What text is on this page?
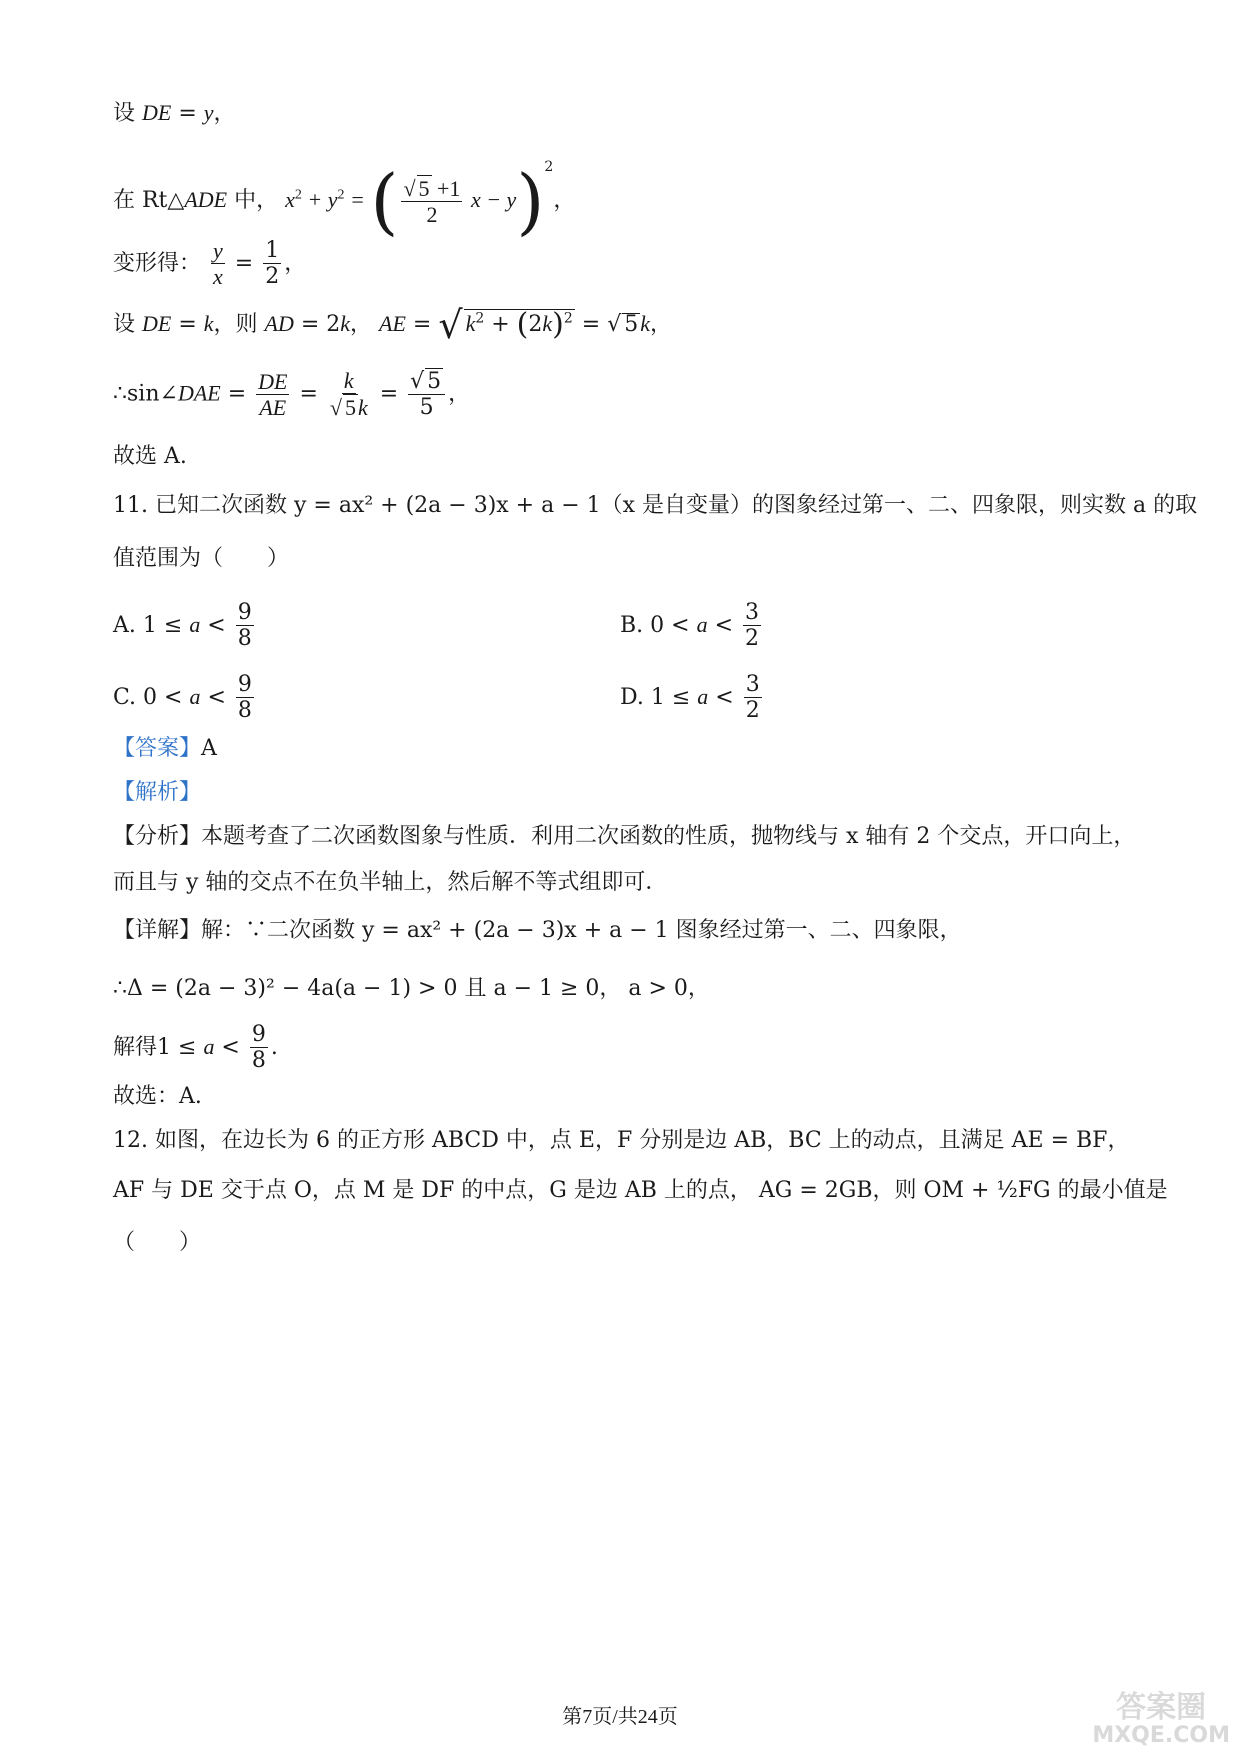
设 DE = y，
在 Rt△ADE 中， $x^2 + y^2$ = ( $\frac{√ 5 +1}{2}$ x − y)$^2$，
变形得： $\frac{y}{x} = \frac{1}{2}$ ，
设 DE = k，则 AD = 2k， AE = √ $k^2 + (2k)^2$ = √ 5k，
∴sin∠DAE = $\frac{DE}{AE} = \frac{k}{√ 5k} = \frac{√ 5}{5}$ ，
故选 A.
11. 已知二次函数 y = ax² + (2a − 3)x + a − 1（x 是自变量）的图象经过第一、二、四象限，则实数 a 的取
值范围为（　　）
A. $1 \le a < \frac{9}{8}$	B. $0 < a < \frac{3}{2}$
C. $0 < a < \frac{9}{8}$	D. $1 \le a < \frac{3}{2}$
【答案】A
【解析】
【分析】本题考查了二次函数图象与性质．利用二次函数的性质，抛物线与 x 轴有 2 个交点，开口向上，
而且与 y 轴的交点不在负半轴上，然后解不等式组即可．
【详解】解：∵二次函数 y = ax² + (2a − 3)x + a − 1 图象经过第一、二、四象限，
∴Δ = (2a − 3)² − 4a(a − 1) > 0 且 a − 1 ≥ 0， a > 0，
解得$1 \le a < \frac{9}{8}$ .
故选：A.
12. 如图，在边长为 6 的正方形 ABCD 中，点 E，F 分别是边 AB，BC 上的动点，且满足 AE = BF，
AF 与 DE 交于点 O，点 M 是 DF 的中点，G 是边 AB 上的点， AG = 2GB，则 OM + ½FG 的最小值是
（　　）
第7页/共24页	答案圈
MXQE.COM
